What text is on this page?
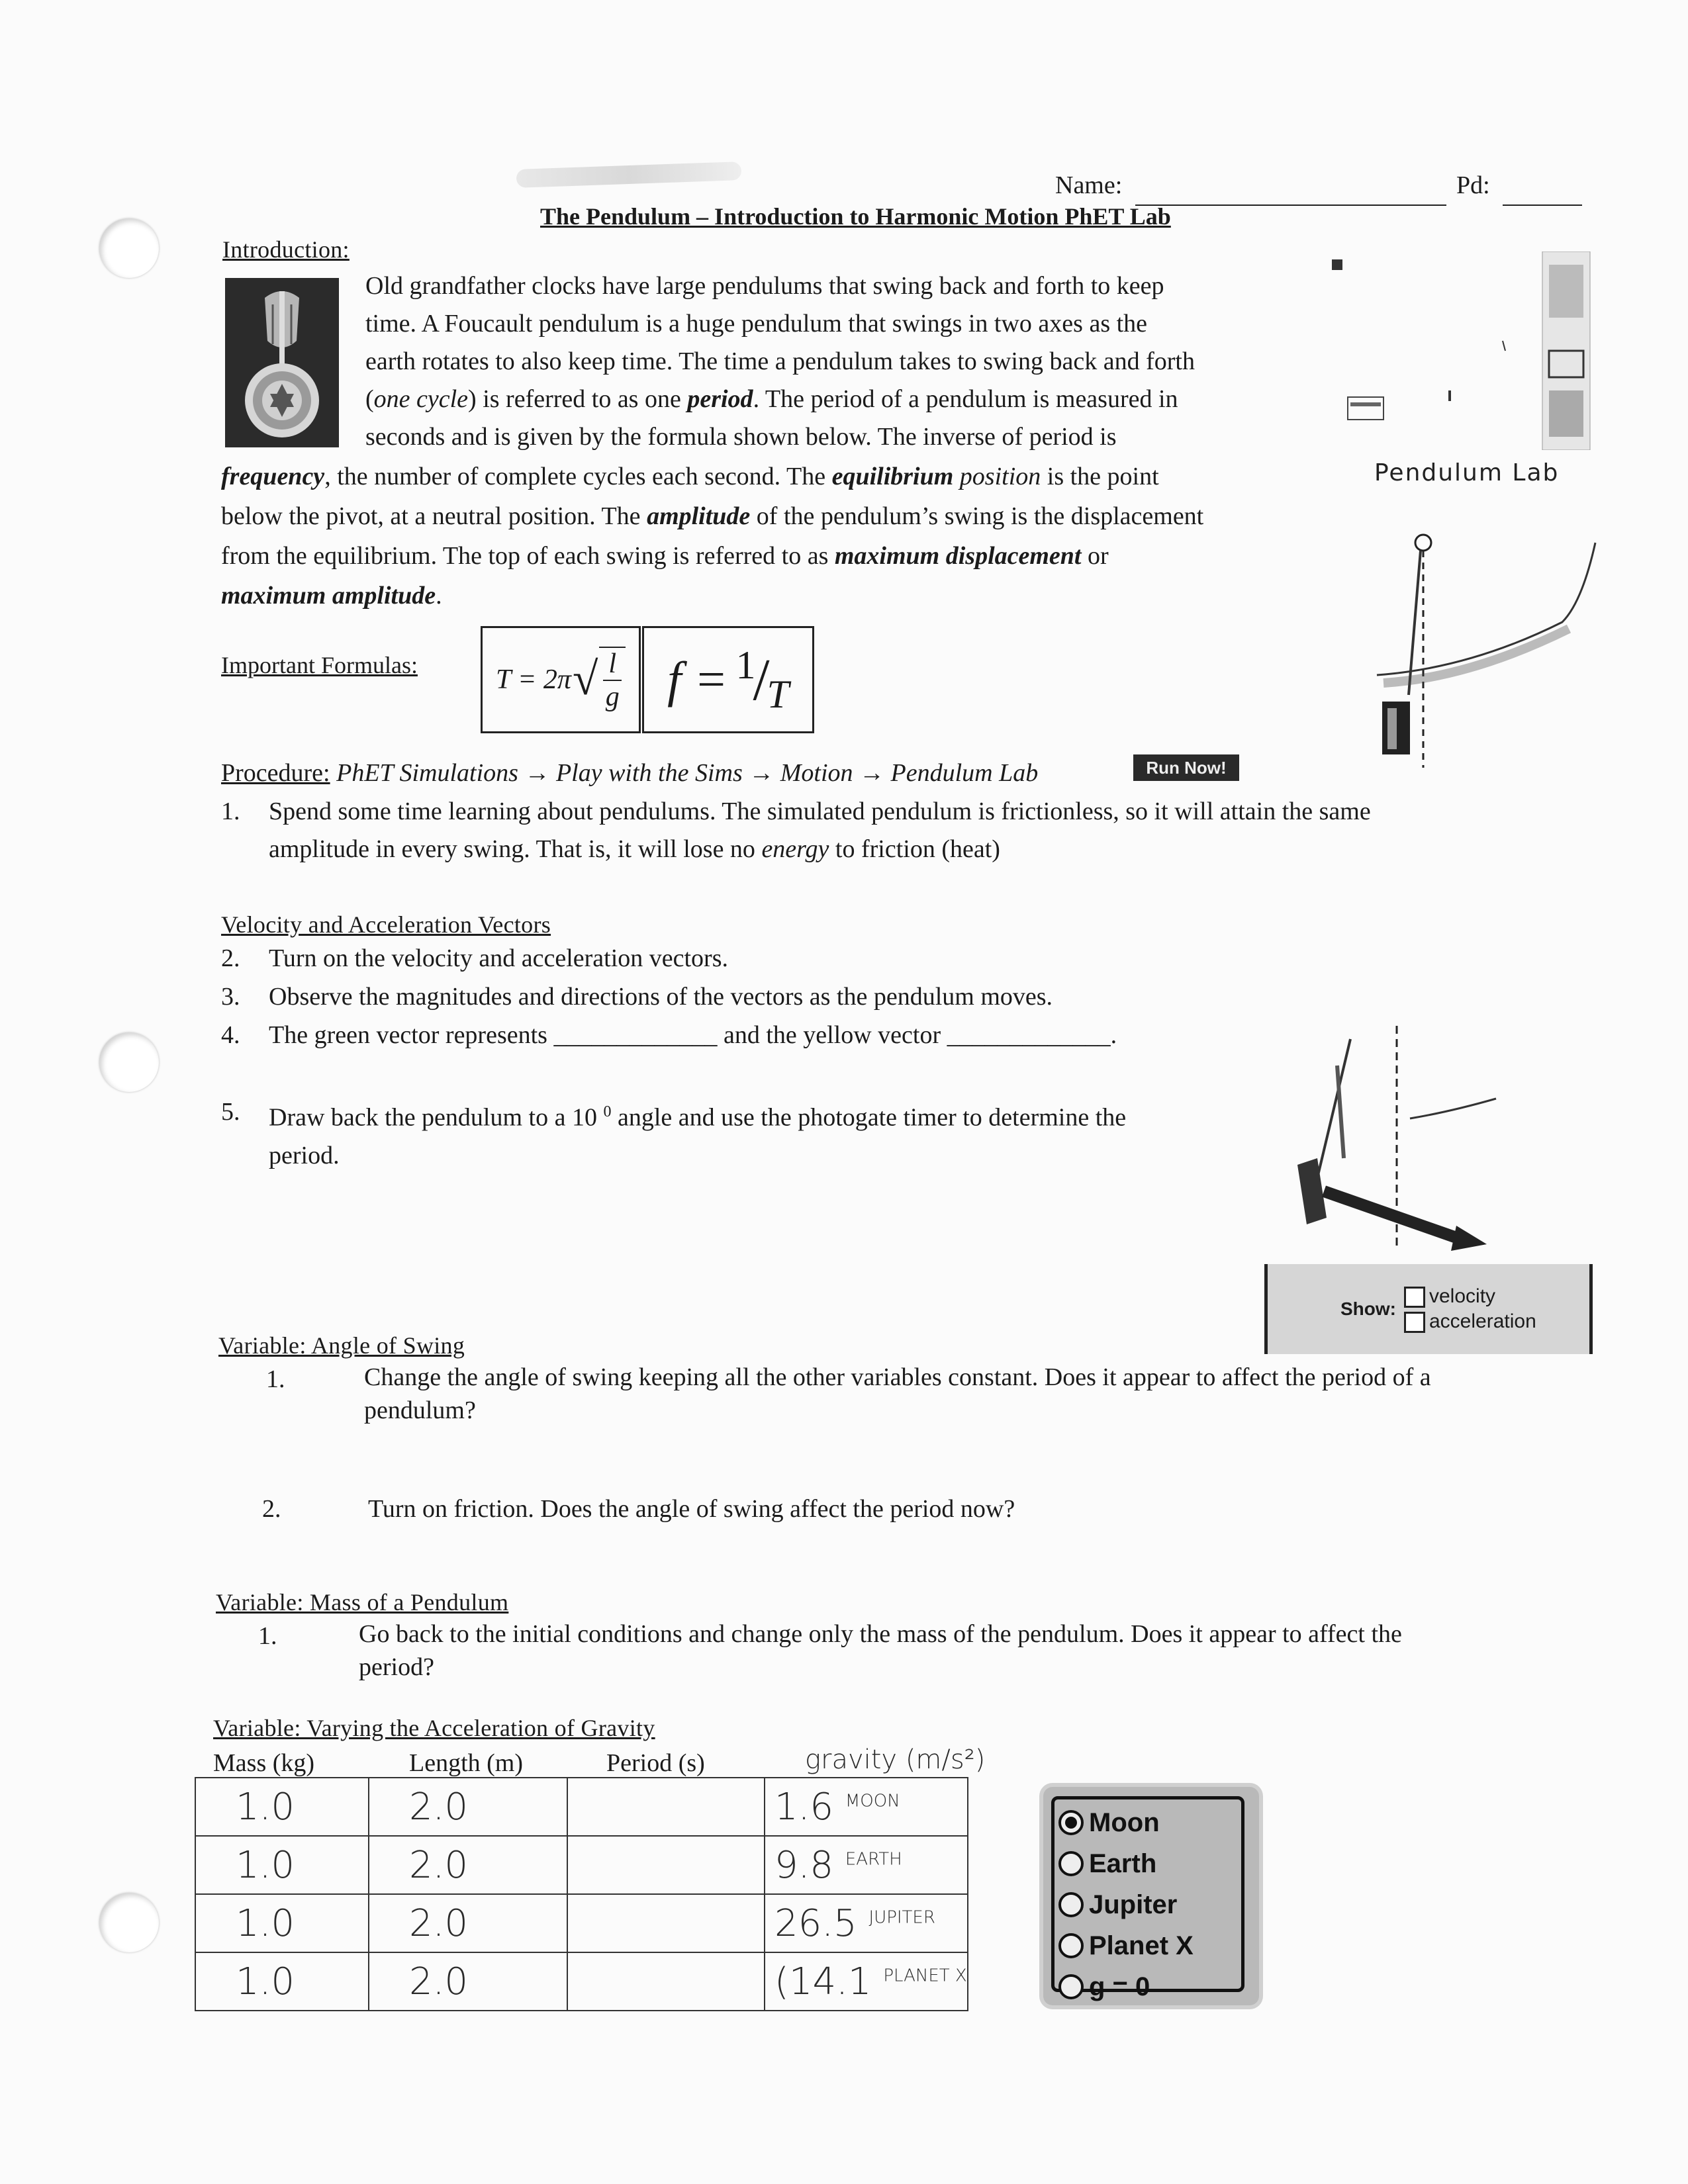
Name:	Pd:
The Pendulum – Introduction to Harmonic Motion PhET Lab
Introduction:
Old grandfather clocks have large pendulums that swing back and forth to keep
time. A Foucault pendulum is a huge pendulum that swings in two axes as the
earth rotates to also keep time. The time a pendulum takes to swing back and forth
(one cycle) is referred to as one period. The period of a pendulum is measured in
seconds and is given by the formula shown below. The inverse of period is
frequency, the number of complete cycles each second. The equilibrium position is the point
below the pivot, at a neutral position. The amplitude of the pendulum’s swing is the displacement
from the equilibrium. The top of each swing is referred to as maximum displacement or
maximum amplitude.
Pendulum Lab
Important Formulas:	T = 2π √ $\frac{l}{g}$ f = 1
/
T
Procedure: PhET Simulations → Play with the Sims → Motion → Pendulum Lab	Run Now!
1. Spend some time learning about pendulums. The simulated pendulum is frictionless, so it will attain the same
amplitude in every swing. That is, it will lose no energy to friction (heat)
Velocity and Acceleration Vectors
2. Turn on the velocity and acceleration vectors.
3. Observe the magnitudes and directions of the vectors as the pendulum moves.
4. The green vector represents _____________ and the yellow vector _____________.
5. Draw back the pendulum to a 10 $^0$ angle and use the photogate timer to determine the
period.
Show:
velocity
acceleration
Variable: Angle of Swing
1.	Change the angle of swing keeping all the other variables constant. Does it appear to affect the period of a
pendulum?
2.	Turn on friction. Does the angle of swing affect the period now?
Variable: Mass of a Pendulum
1.	Go back to the initial conditions and change only the mass of the pendulum. Does it appear to affect the
period?
Variable: Varying the Acceleration of Gravity
Mass (kg)	Length (m)	Period (s)	gravity (m/s²)
1.0	2.0		1.6 $^{MOON}$
1.0	2.0		9.8 $^{EARTH}$
1.0	2.0		26.5 $^{JUPITER}$
1.0	2.0		(14.1 $^{PLANET X}$
Moon
Earth
Jupiter
Planet X
g = 0
